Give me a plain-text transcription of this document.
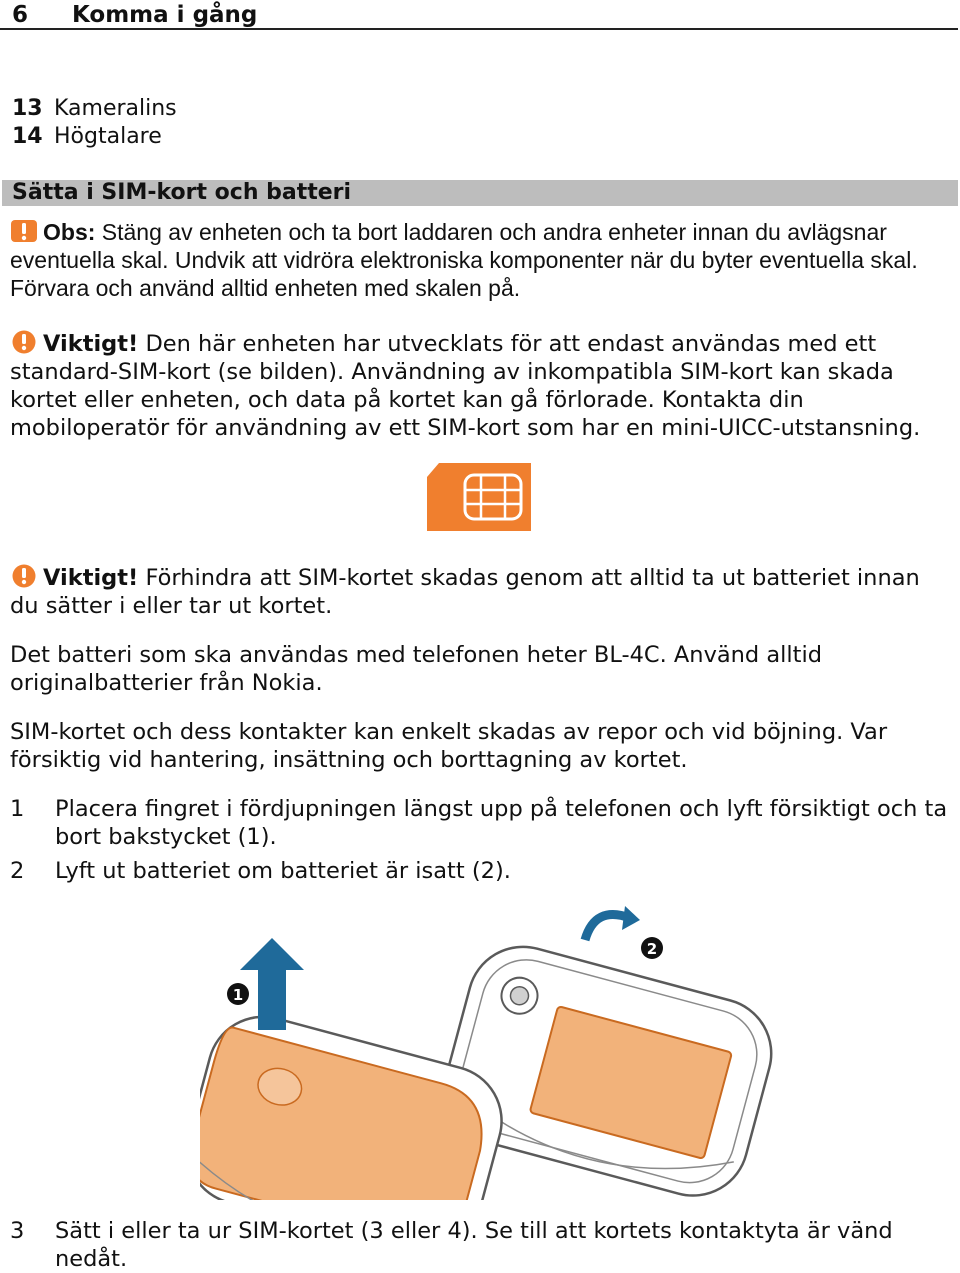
6 Komma i gång
13 Kameralins
14 Högtalare
Sätta i SIM-kort och batteri
Obs: Stäng av enheten och ta bort laddaren och andra enheter innan du avlägsnar eventuella skal. Undvik att vidröra elektroniska komponenter när du byter eventuella skal. Förvara och använd alltid enheten med skalen på.
Viktigt! Den här enheten har utvecklats för att endast användas med ett standard-SIM-kort (se bilden). Användning av inkompatibla SIM-kort kan skada kortet eller enheten, och data på kortet kan gå förlorade. Kontakta din mobiloperatör för användning av ett SIM-kort som har en mini-UICC-utstansning.
Viktigt! Förhindra att SIM-kortet skadas genom att alltid ta ut batteriet innan du sätter i eller tar ut kortet.
Det batteri som ska användas med telefonen heter BL-4C. Använd alltid originalbatterier från Nokia.
SIM-kortet och dess kontakter kan enkelt skadas av repor och vid böjning. Var försiktig vid hantering, insättning och borttagning av kortet.
1 Placera fingret i fördjupningen längst upp på telefonen och lyft försiktigt och ta bort bakstycket (1).
2 Lyft ut batteriet om batteriet är isatt (2).
2
1
3 Sätt i eller ta ur SIM-kortet (3 eller 4). Se till att kortets kontaktyta är vänd nedåt.
